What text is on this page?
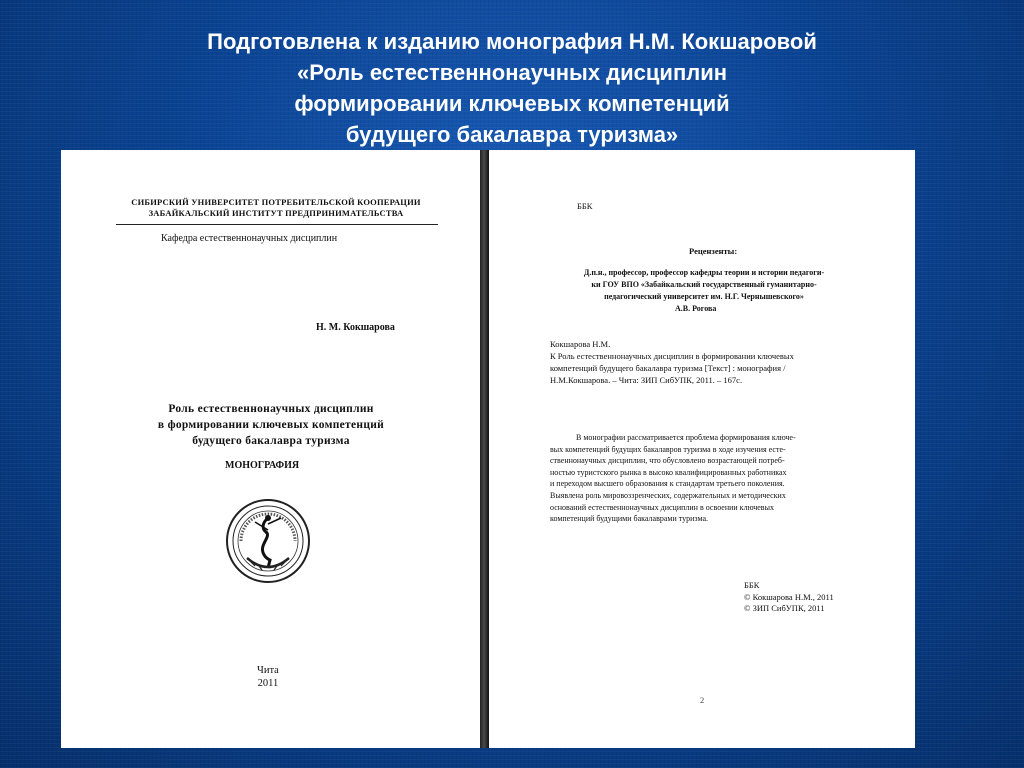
Подготовлена к изданию монография Н.М. Кокшаровой
«Роль естественнонаучных дисциплин
формировании ключевых компетенций
будущего бакалавра туризма»
СИБИРСКИЙ УНИВЕРСИТЕТ ПОТРЕБИТЕЛЬСКОЙ КООПЕРАЦИИ
ЗАБАЙКАЛЬСКИЙ ИНСТИТУТ ПРЕДПРИНИМАТЕЛЬСТВА
Кафедра естественнонаучных дисциплин
Н. М. Кокшарова
Роль естественнонаучных дисциплин
в формировании ключевых компетенций
будущего бакалавра туризма
МОНОГРАФИЯ
Чита
2011
ББК
Рецензенты:
Д.п.н., профессор, профессор кафедры теории и истории педагоги-
ки ГОУ ВПО «Забайкальский государственный гуманитарно-
педагогический университет им. Н.Г. Чернышевского»
А.В. Рогова
Кокшарова Н.М.
К Роль естественнонаучных дисциплин в формировании ключевых
компетенций будущего бакалавра туризма [Текст] : монография /
Н.М.Кокшарова. – Чита: ЗИП СибУПК, 2011. – 167с.
В монографии рассматривается проблема формирования ключе-
вых компетенций будущих бакалавров туризма в ходе изучения есте-
ственнонаучных дисциплин, что обусловлено возрастающей потреб-
ностью туристского рынка в высоко квалифицированных работниках
и переходом высшего образования к стандартам третьего поколения.
Выявлена роль мировоззренческих, содержательных и методических
оснований естественнонаучных дисциплин в освоении ключевых
компетенций будущими бакалаврами туризма.
ББК
© Кокшарова Н.М., 2011
© ЗИП СибУПК, 2011
2
